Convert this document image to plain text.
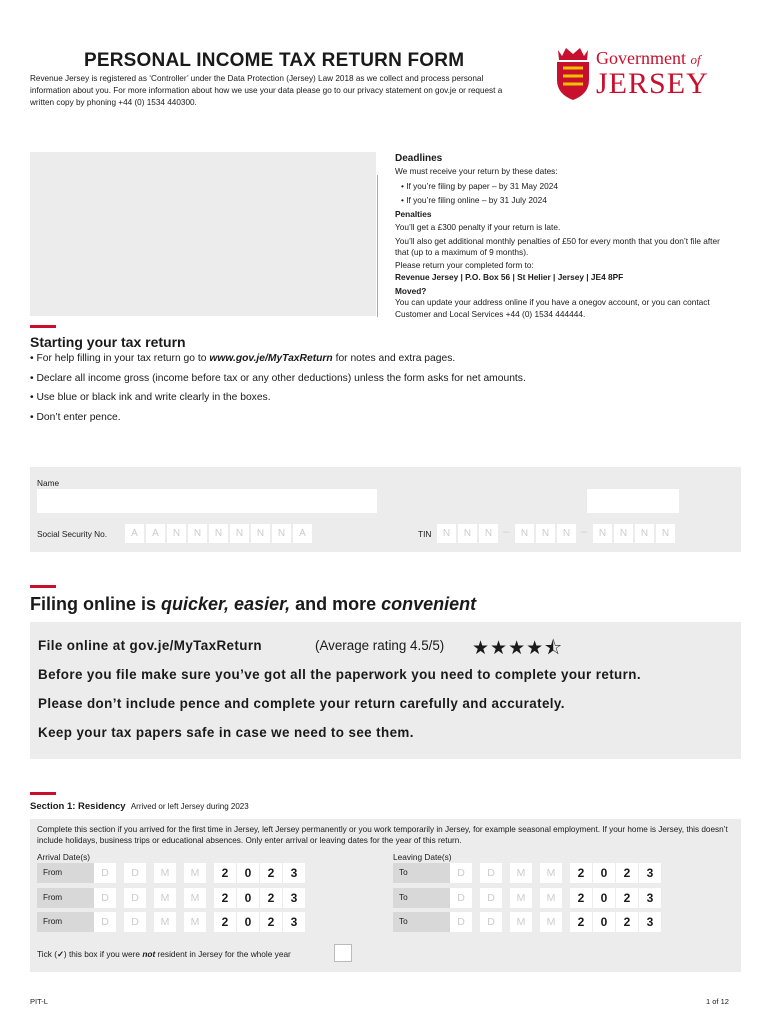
PERSONAL INCOME TAX RETURN FORM
Revenue Jersey is registered as ‘Controller’ under the Data Protection (Jersey) Law 2018 as we collect and process personal information about you. For more information about how we use your data please go to our privacy statement on gov.je or request a written copy by phoning +44 (0) 1534 440300.
Government of
JERSEY
Deadlines

We must receive your return by these dates:

• If you’re filing by paper – by 31 May 2024
• If you’re filing online – by 31 July 2024
Penalties

You’ll get a £300 penalty if your return is late.

You’ll also get additional monthly penalties of £50 for every month that you don’t file after that (up to a maximum of 9 months).

Please return your completed form to:

Revenue Jersey | P.O. Box 56 | St Helier | Jersey | JE4 8PF
Moved?
You can update your address online if you have a onegov account, or you can contact Customer and Local Services +44 (0) 1534 444444.
Starting your tax return
• For help filling in your tax return go to www.gov.je/MyTaxReturn for notes and extra pages.
• Declare all income gross (income before tax or any other deductions) unless the form asks for net amounts.
• Use blue or black ink and write clearly in the boxes.
• Don’t enter pence.
Name
Social Security No.	A	A	N	N	N	N	N	N	A	TIN	N	N	N –	N	N	N –	N	N	N	N
Filing online is quicker, easier, and more convenient
File online at gov.je/MyTaxReturn	(Average rating 4.5/5) ★★★★⯪
Before you file make sure you’ve got all the paperwork you need to complete your return.
Please don’t include pence and complete your return carefully and accurately.
Keep your tax papers safe in case we need to see them.
Section 1: Residency Arrived or left Jersey during 2023
Complete this section if you arrived for the first time in Jersey, left Jersey permanently or you work temporarily in Jersey, for example seasonal employment. If your home is Jersey, this doesn’t include holidays, business trips or educational absences. Only enter arrival or leaving dates for the year of this return.
Arrival Date(s)	Leaving Date(s)
From	D	D	M	M	2	0	2	3	To	D	D	M	M	2	0	2	3
From	D	D	M	M	2	0	2	3	To	D	D	M	M	2	0	2	3
From	D	D	M	M	2	0	2	3	To	D	D	M	M	2	0	2	3
Tick (✓) this box if you were not resident in Jersey for the whole year
PIT-L	1 of 12
